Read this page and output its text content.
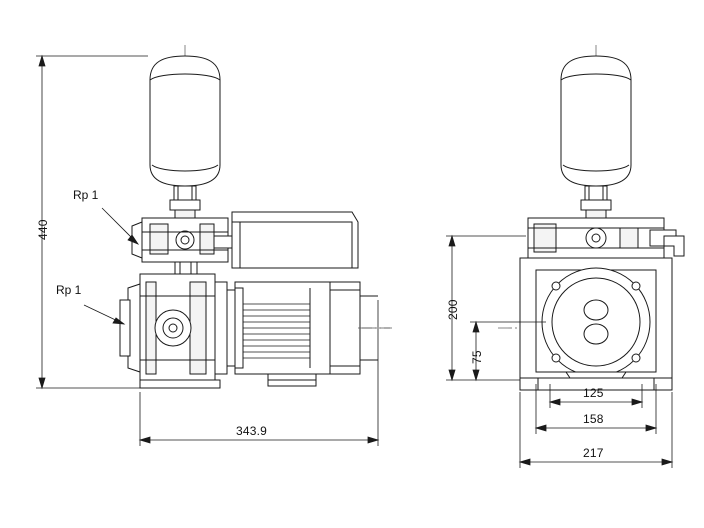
440
343.9
Rp 1
Rp 1
200
75
125
158
217
